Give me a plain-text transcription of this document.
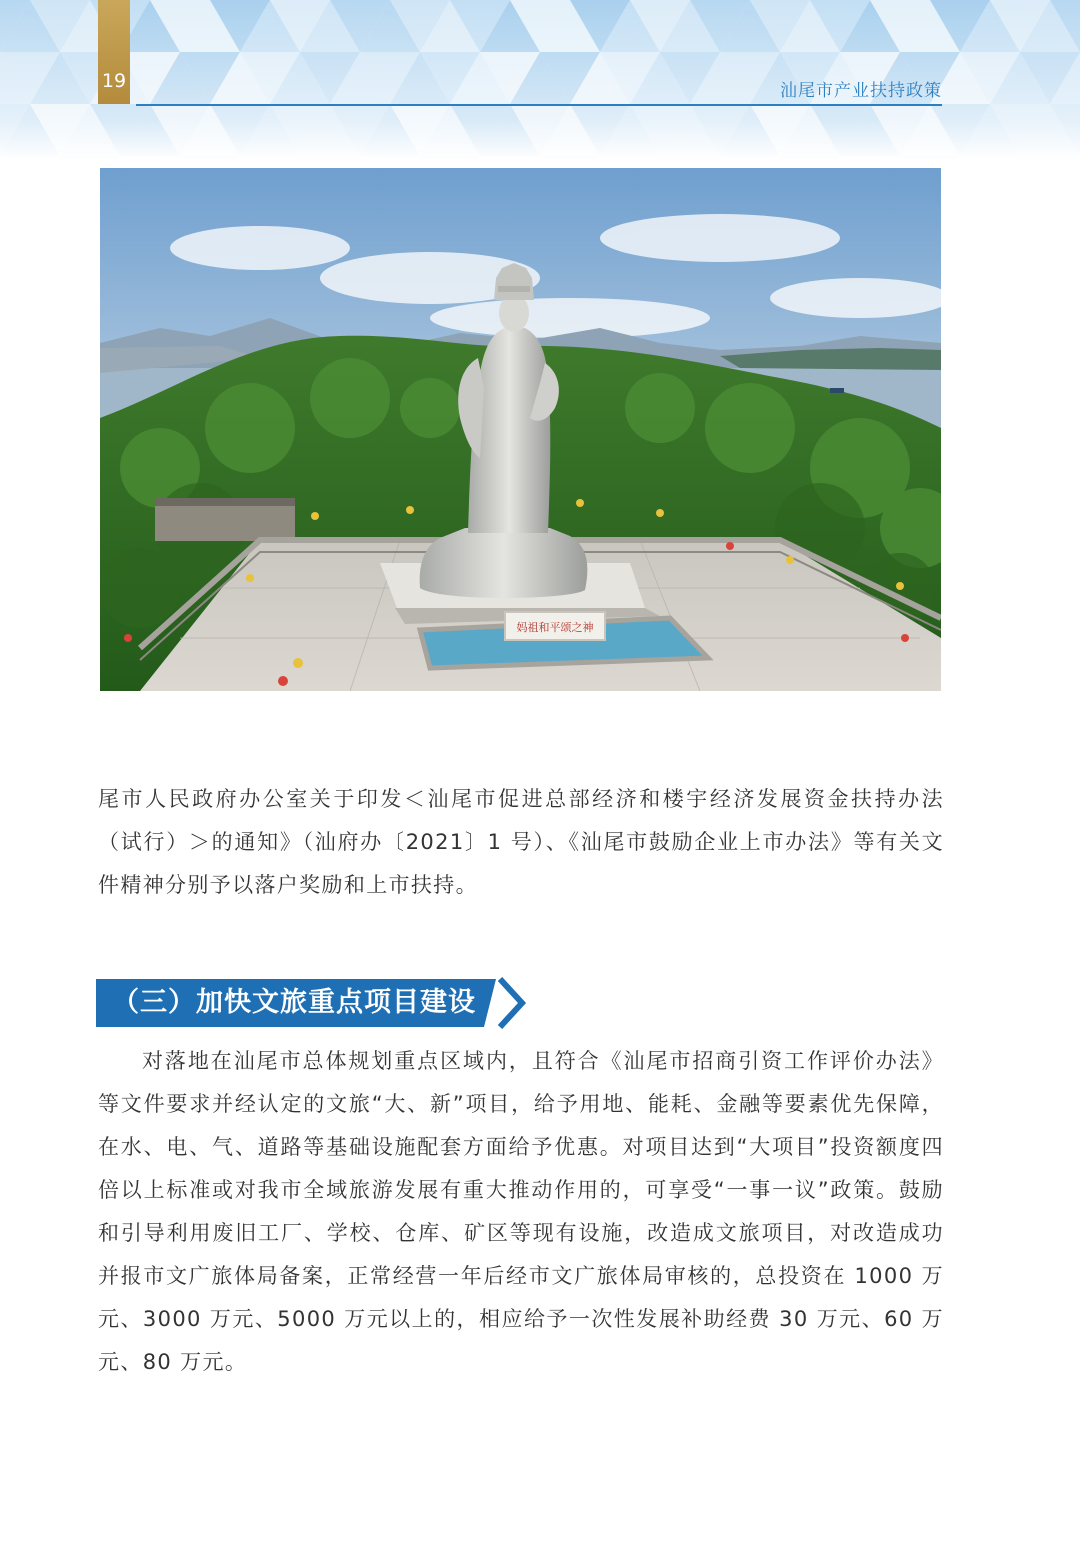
19	汕尾市产业扶持政策
妈祖和平颂之神

尾市人民政府办公室关于印发＜汕尾市促进总部经济和楼宇经济发展资金扶持办法（试行）＞的通知》（汕府办〔2021〕1 号）、《汕尾市鼓励企业上市办法》等有关文件精神分别予以落户奖励和上市扶持。

（三）加快文旅重点项目建设

对落地在汕尾市总体规划重点区域内，且符合《汕尾市招商引资工作评价办法》等文件要求并经认定的文旅“大、新”项目，给予用地、能耗、金融等要素优先保障，在水、电、气、道路等基础设施配套方面给予优惠。对项目达到“大项目”投资额度四倍以上标准或对我市全域旅游发展有重大推动作用的，可享受“一事一议”政策。鼓励和引导利用废旧工厂、学校、仓库、矿区等现有设施，改造成文旅项目，对改造成功并报市文广旅体局备案，正常经营一年后经市文广旅体局审核的，总投资在 1000 万元、3000 万元、5000 万元以上的，相应给予一次性发展补助经费 30 万元、60 万元、80 万元。
